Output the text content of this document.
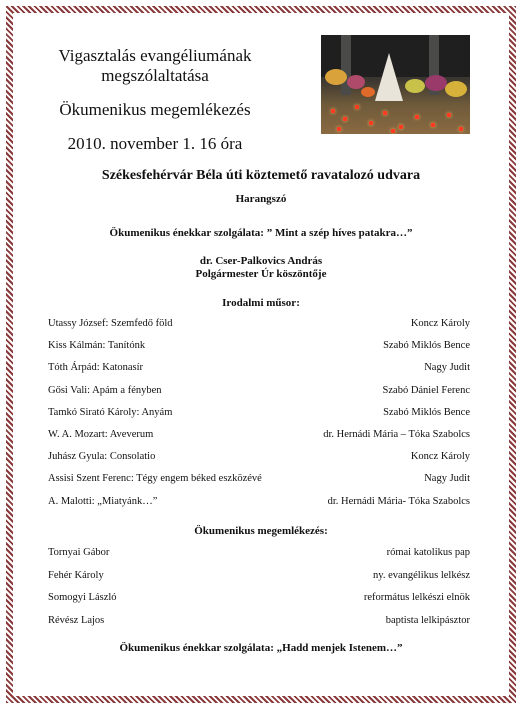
Vigasztalás evangéliumának
megszólaltatása
Ökumenikus megemlékezés
2010. november 1. 16 óra
Székesfehérvár Béla úti köztemető ravatalozó udvara
Harangszó
Ökumenikus énekkar szolgálata: ” Mint a szép híves patakra…”
dr. Cser-Palkovics András
Polgármester Úr köszöntője
Irodalmi műsor:
Utassy József: Szemfedő föld	Koncz Károly
Kiss Kálmán: Tanítónk	Szabó Miklós Bence
Tóth Árpád: Katonasír	Nagy Judit
Gősi Vali: Apám a fényben	Szabó Dániel Ferenc
Tamkó Sirató Károly: Anyám	Szabó Miklós Bence
W. A. Mozart: Aveverum	dr. Hernádi Mária – Tóka Szabolcs
Juhász Gyula: Consolatio	Koncz Károly
Assisi Szent Ferenc: Tégy engem béked eszközévé	Nagy Judit
A. Malotti: „Miatyánk…”	dr. Hernádi Mária- Tóka Szabolcs
Ökumenikus megemlékezés:
Tornyai Gábor	római katolikus pap
Fehér Károly	ny. evangélikus lelkész
Somogyi László	református lelkészi elnök
Révész Lajos	baptista lelkipásztor
Ökumenikus énekkar szolgálata: „Hadd menjek Istenem…”
